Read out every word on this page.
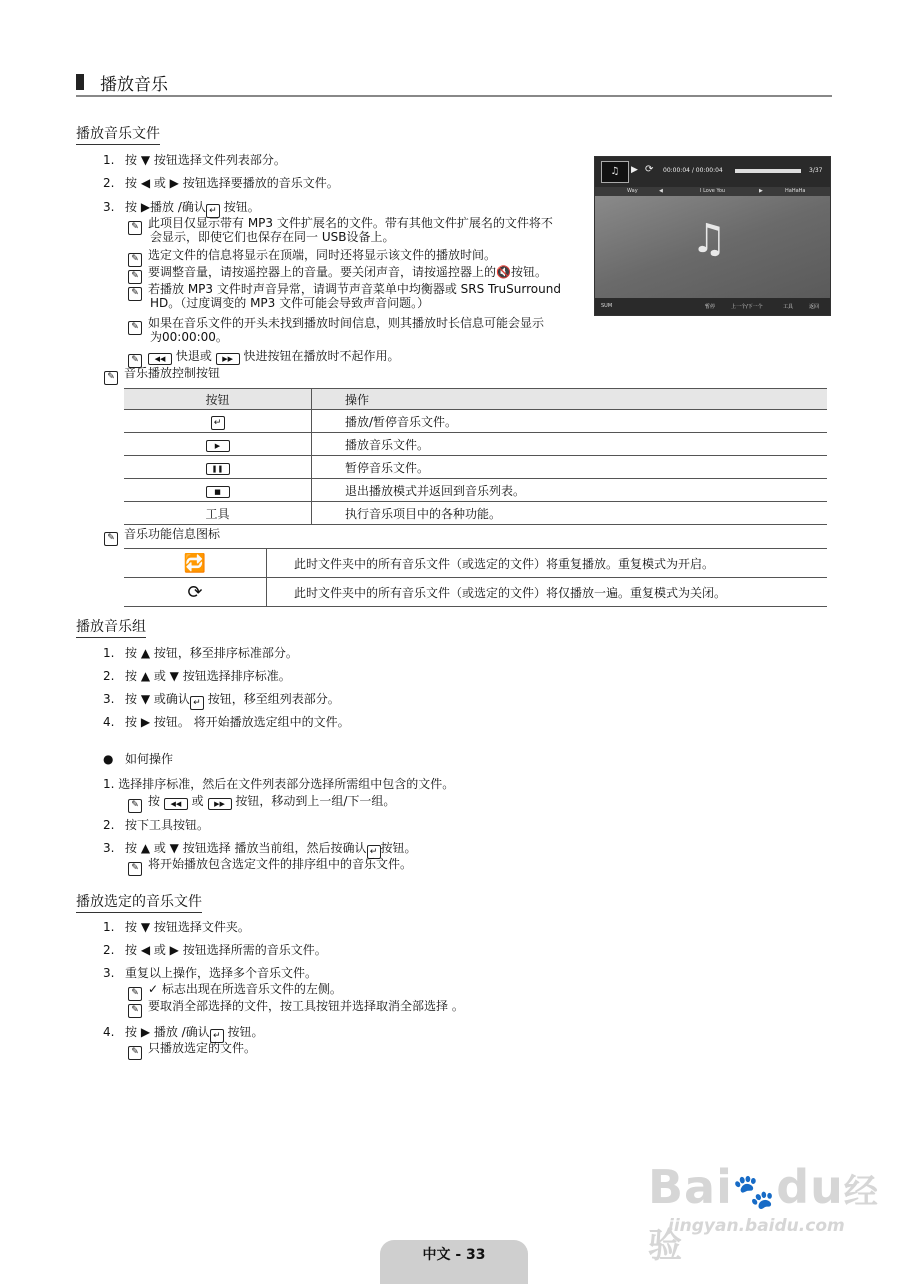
播放音乐
播放音乐文件
1. 按 ▼ 按钮选择文件列表部分。
2. 按 ◀ 或 ▶ 按钮选择要播放的音乐文件。
3. 按 ▶播放 /确认 ↵ 按钮。
✎ 此项目仅显示带有 MP3 文件扩展名的文件。带有其他文件扩展名的文件将不
会显示，即使它们也保存在同一 USB设备上。
✎ 选定文件的信息将显示在顶端，同时还将显示该文件的播放时间。
✎ 要调整音量，请按遥控器上的音量。要关闭声音，请按遥控器上的🔇按钮。
✎ 若播放 MP3 文件时声音异常，请调节声音菜单中均衡器或 SRS TruSurround
HD。（过度调变的 MP3 文件可能会导致声音问题。）
✎ 如果在音乐文件的开头未找到播放时间信息，则其播放时长信息可能会显示
为00:00:00。
✎ ◀◀ 快退或 ▶▶ 快进按钮在播放时不起作用。
✎ 音乐播放控制按钮
按钮	操作
↵	播放/暂停音乐文件。
▶	播放音乐文件。
❚❚	暂停音乐文件。
■	退出播放模式并返回到音乐列表。
工具	执行音乐项目中的各种功能。
✎ 音乐功能信息图标
🔁	此时文件夹中的所有音乐文件（或选定的文件）将重复播放。重复模式为开启。
⟳	此时文件夹中的所有音乐文件（或选定的文件）将仅播放一遍。重复模式为关闭。
♫	▶ ⟳ 00:00:04 / 00:00:04	3/37
Way	◀	I Love You	▶	HaHaHa
♫
SUM	暂停	上一个/下一个	工具	返回
播放音乐组
1. 按 ▲ 按钮，移至排序标准部分。
2. 按 ▲ 或 ▼ 按钮选择排序标准。
3. 按 ▼ 或确认 ↵ 按钮，移至组列表部分。
4. 按 ▶ 按钮。 将开始播放选定组中的文件。
● 如何操作
1. 选择排序标准，然后在文件列表部分选择所需组中包含的文件。
✎ 按 ◀◀ 或 ▶▶ 按钮，移动到上一组/下一组。
2. 按下工具按钮。
3. 按 ▲ 或 ▼ 按钮选择 播放当前组，然后按确认 ↵ 按钮。
✎ 将开始播放包含选定文件的排序组中的音乐文件。
播放选定的音乐文件
1. 按 ▼ 按钮选择文件夹。
2. 按 ◀ 或 ▶ 按钮选择所需的音乐文件。
3. 重复以上操作，选择多个音乐文件。
✎ ✓ 标志出现在所选音乐文件的左侧。
✎ 要取消全部选择的文件，按工具按钮并选择取消全部选择 。
4. 按 ▶ 播放 /确认 ↵ 按钮。
✎ 只播放选定的文件。
Bai🐾du经验
jingyan.baidu.com
中文 - 33
